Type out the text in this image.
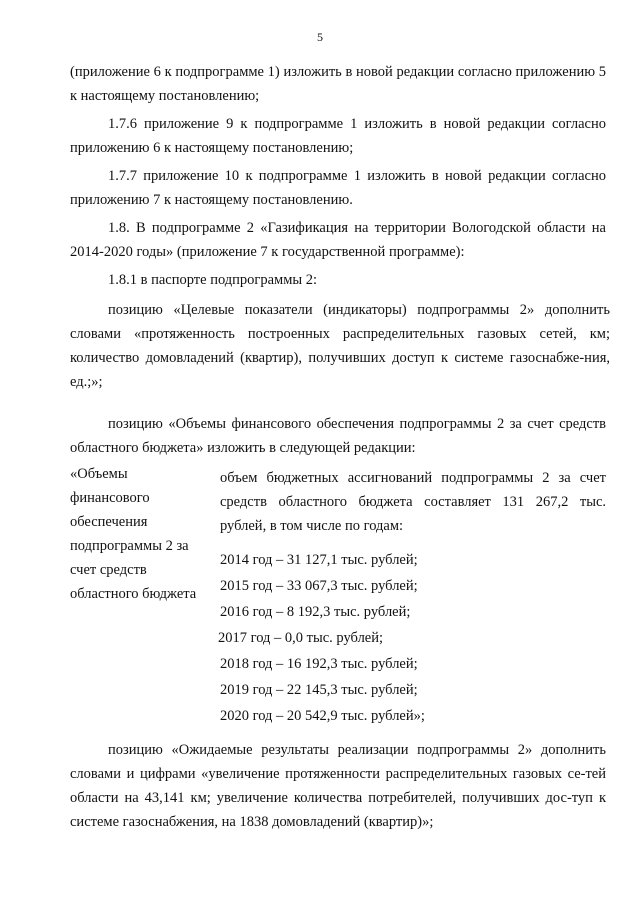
5

(приложение 6 к подпрограмме 1) изложить в новой редакции согласно приложению 5 к настоящему постановлению;

1.7.6 приложение 9 к подпрограмме 1 изложить в новой редакции согласно приложению 6 к настоящему постановлению;

1.7.7 приложение 10 к подпрограмме 1 изложить в новой редакции согласно приложению 7 к настоящему постановлению.

1.8. В подпрограмме 2 «Газификация на территории Вологодской области на 2014-2020 годы» (приложение 7 к государственной программе):

1.8.1 в паспорте подпрограммы 2:

позицию «Целевые показатели (индикаторы) подпрограммы 2» дополнить словами «протяженность построенных распределительных газовых сетей, км; количество домовладений (квартир), получивших доступ к системе газоснабже-ния, ед.;»;

позицию «Объемы финансового обеспечения подпрограммы 2 за счет средств областного бюджета» изложить в следующей редакции:

«Объемы
финансового
обеспечения
подпрограммы 2 за
счет средств
областного бюджета
объем бюджетных ассигнований подпрограммы 2 за счет средств областного бюджета составляет 131 267,2 тыс. рублей, в том числе по годам:
2014 год – 31 127,1 тыс. рублей;
2015 год – 33 067,3 тыс. рублей;
2016 год – 8 192,3 тыс. рублей;
2017 год – 0,0 тыс. рублей;
2018 год – 16 192,3 тыс. рублей;
2019 год – 22 145,3 тыс. рублей;
2020 год – 20 542,9 тыс. рублей»;

позицию «Ожидаемые результаты реализации подпрограммы 2» дополнить словами и цифрами «увеличение протяженности распределительных газовых се-тей области на 43,141 км; увеличение количества потребителей, получивших дос-туп к системе газоснабжения, на 1838 домовладений (квартир)»;
